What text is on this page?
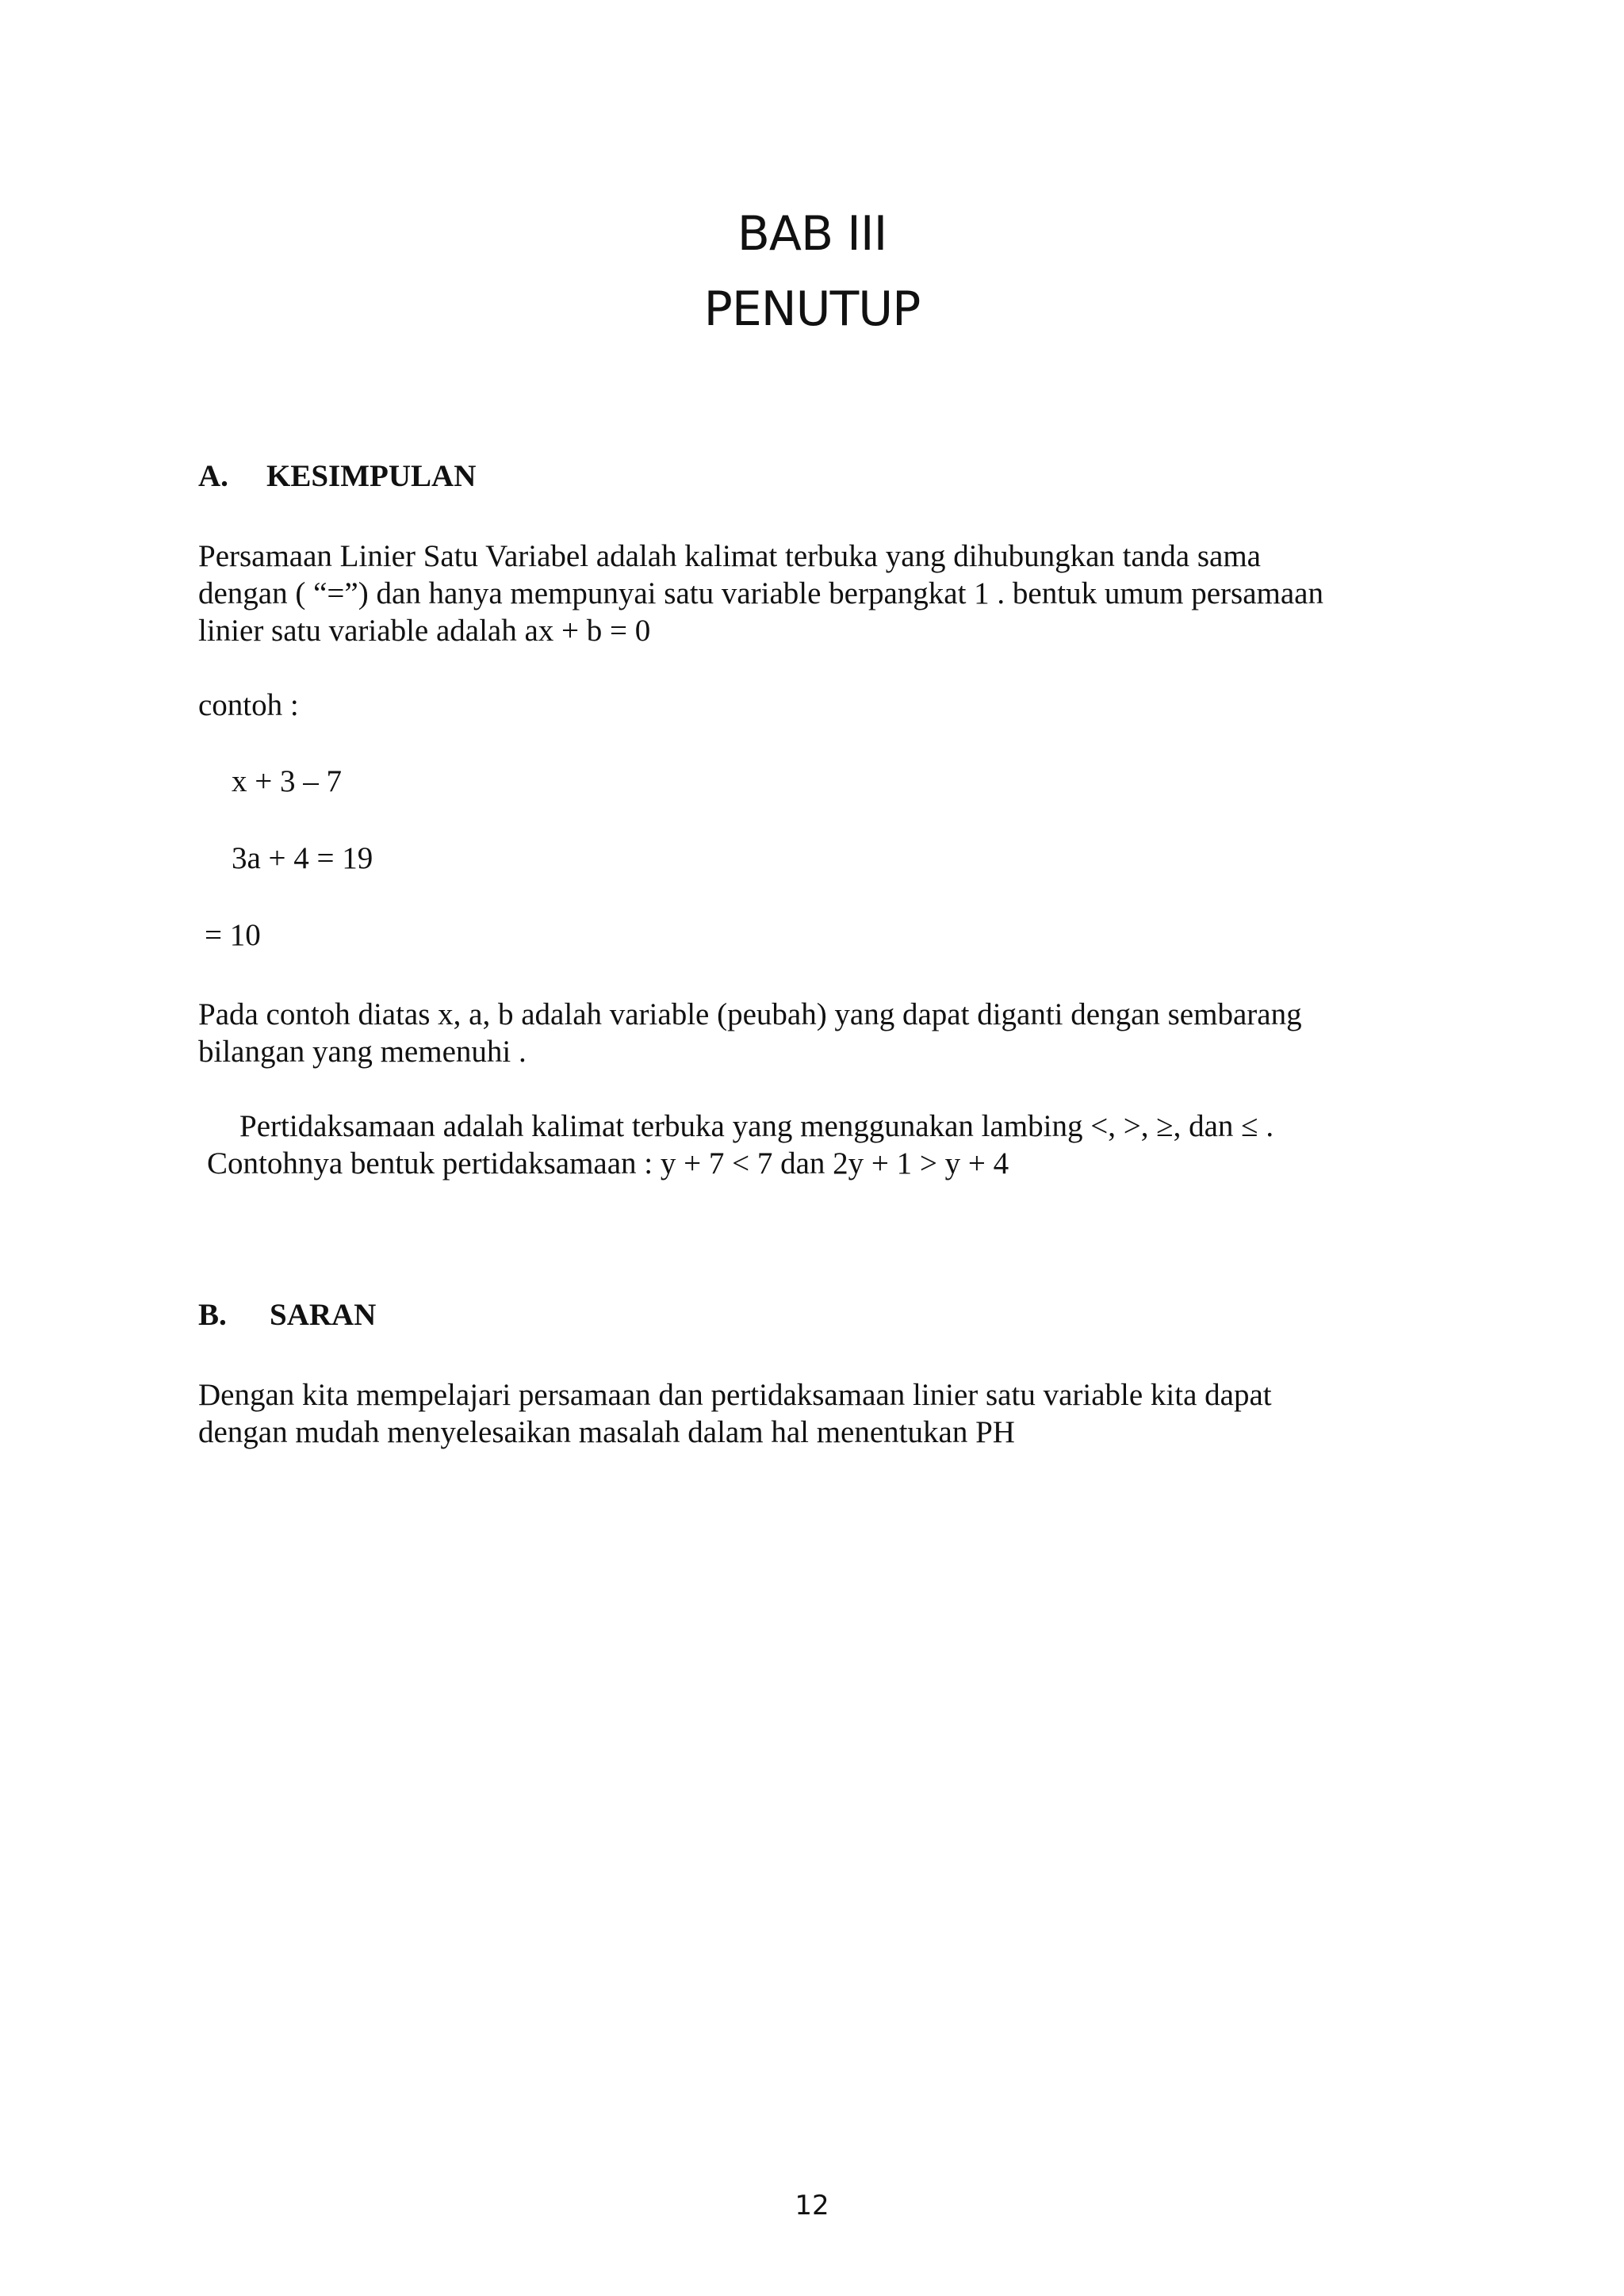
BAB III
PENUTUP
A. KESIMPULAN
Persamaan Linier Satu Variabel adalah kalimat terbuka yang dihubungkan tanda sama
dengan ( “=”) dan hanya mempunyai satu variable berpangkat 1 . bentuk umum persamaan
linier satu variable adalah ax + b = 0
contoh :
x + 3 – 7
3a + 4 = 19
= 10
Pada contoh diatas x, a, b adalah variable (peubah) yang dapat diganti dengan sembarang
bilangan yang memenuhi .
Pertidaksamaan adalah kalimat terbuka yang menggunakan lambing <, >, ≥, dan ≤ .
Contohnya bentuk pertidaksamaan : y + 7 < 7 dan 2y + 1 > y + 4
B. SARAN
Dengan kita mempelajari persamaan dan pertidaksamaan linier satu variable kita dapat
dengan mudah menyelesaikan masalah dalam hal menentukan PH
12
